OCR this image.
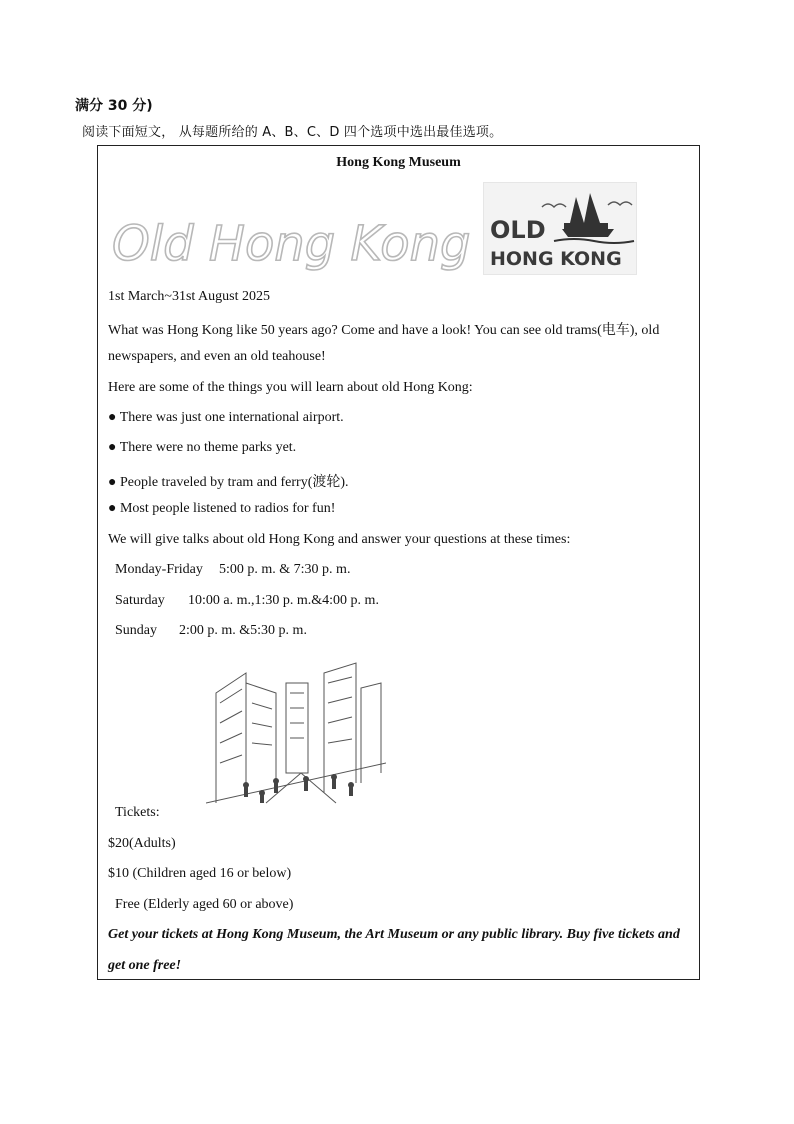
满分 30 分)
阅读下面短文， 从每题所给的 A、B、C、D 四个选项中选出最佳选项。
Hong Kong Museum
Old Hong Kong OLD
HONG KONG
1st March~31st August 2025
What was Hong Kong like 50 years ago? Come and have a look! You can see old trams(电车), old
newspapers, and even an old teahouse!
Here are some of the things you will learn about old Hong Kong:
● There was just one international airport.
● There were no theme parks yet.
● People traveled by tram and ferry(渡轮).
● Most people listened to radios for fun!
We will give talks about old Hong Kong and answer your questions at these times:
Monday-Friday 5:00 p. m. & 7:30 p. m.
Saturday 10:00 a. m.,1:30 p. m.&4:00 p. m.
Sunday 2:00 p. m. &5:30 p. m.
Tickets:
$20(Adults)
$10 (Children aged 16 or below)
Free (Elderly aged 60 or above)
Get your tickets at Hong Kong Museum, the Art Museum or any public library. Buy five tickets and
get one free!
